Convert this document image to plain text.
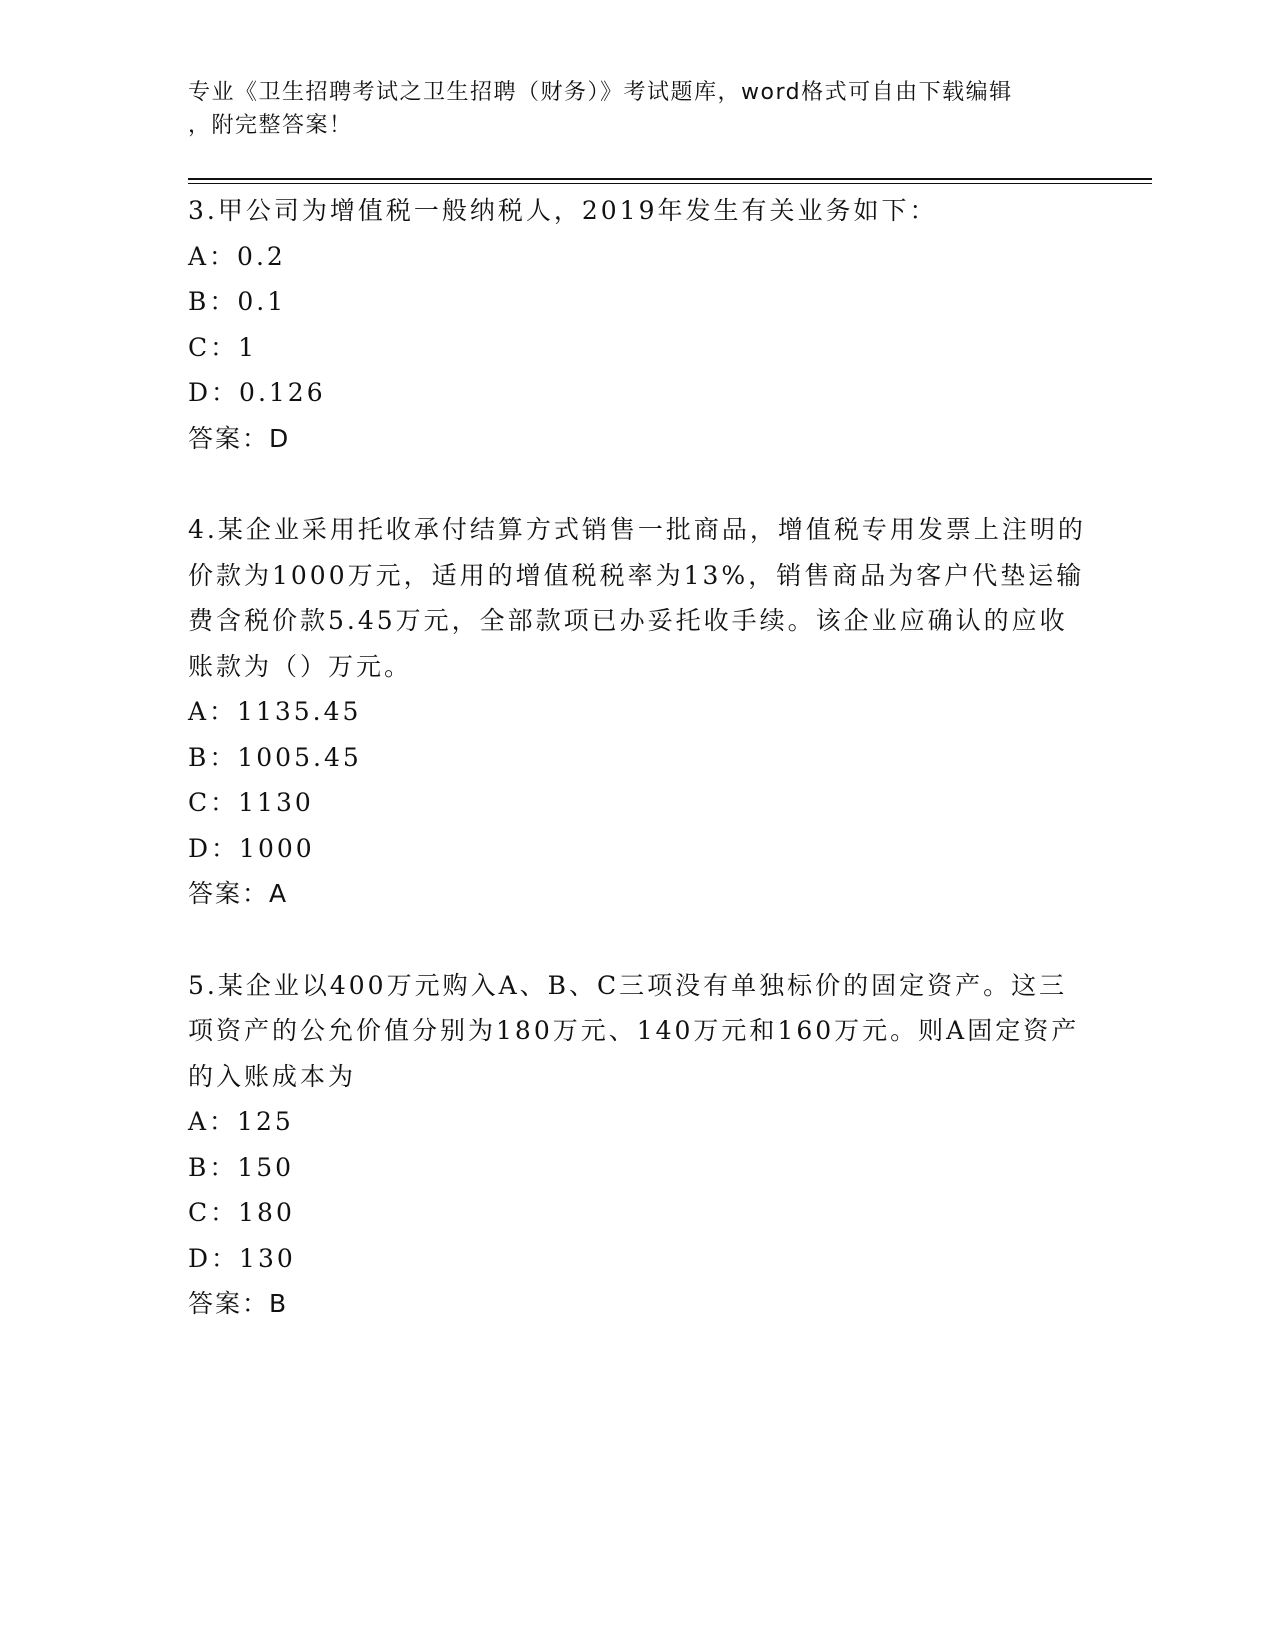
专业《卫生招聘考试之卫生招聘（财务）》考试题库，word格式可自由下载编辑
，附完整答案！
3.甲公司为增值税一般纳税人，2019年发生有关业务如下：
A：0.2
B：0.1
C：1
D：0.126
答案：D
4.某企业采用托收承付结算方式销售一批商品，增值税专用发票上注明的价款为1000万元，适用的增值税税率为13%，销售商品为客户代垫运输费含税价款5.45万元，全部款项已办妥托收手续。该企业应确认的应收账款为（）万元。
A：1135.45
B：1005.45
C：1130
D：1000
答案：A
5.某企业以400万元购入A、B、C三项没有单独标价的固定资产。这三项资产的公允价值分别为180万元、140万元和160万元。则A固定资产的入账成本为
A：125
B：150
C：180
D：130
答案：B
